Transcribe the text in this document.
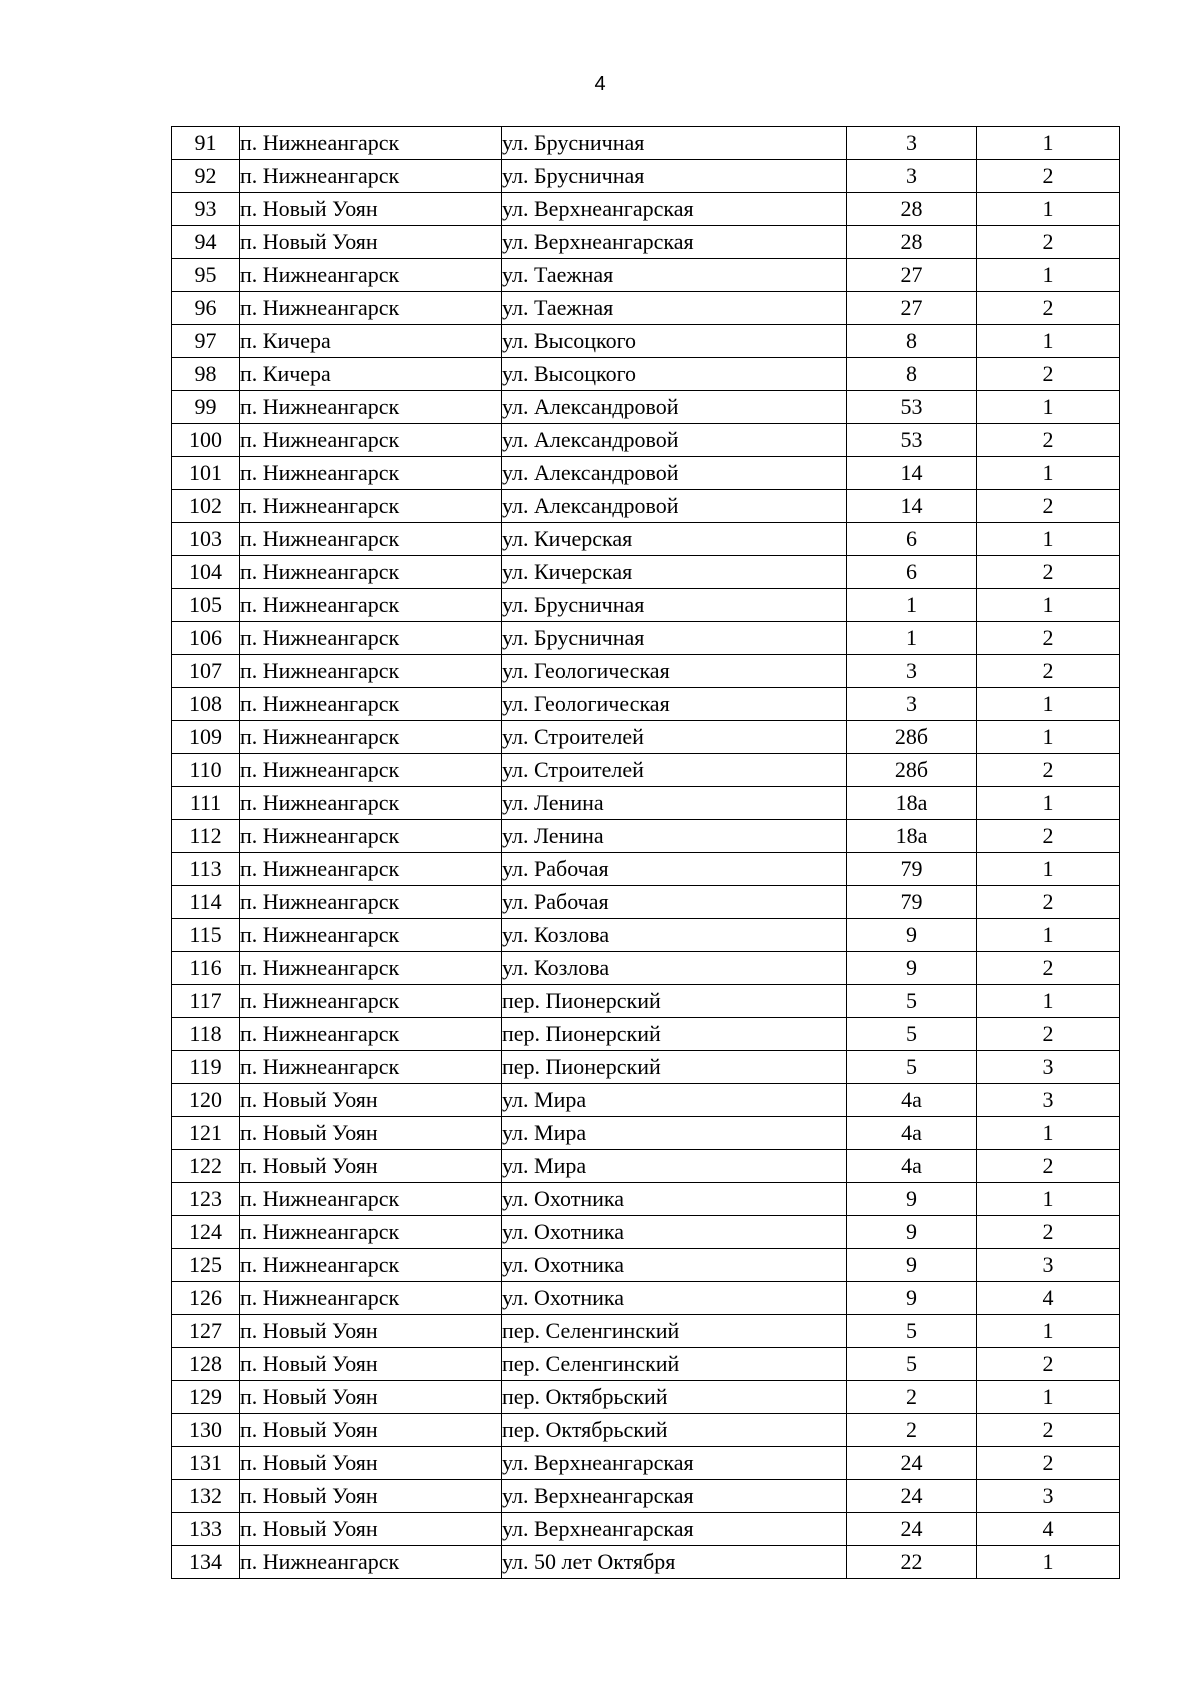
4
91	п. Нижнеангарск	ул. Брусничная	3	1
92	п. Нижнеангарск	ул. Брусничная	3	2
93	п. Новый Уоян	ул. Верхнеангарская	28	1
94	п. Новый Уоян	ул. Верхнеангарская	28	2
95	п. Нижнеангарск	ул. Таежная	27	1
96	п. Нижнеангарск	ул. Таежная	27	2
97	п. Кичера	ул. Высоцкого	8	1
98	п. Кичера	ул. Высоцкого	8	2
99	п. Нижнеангарск	ул. Александровой	53	1
100	п. Нижнеангарск	ул. Александровой	53	2
101	п. Нижнеангарск	ул. Александровой	14	1
102	п. Нижнеангарск	ул. Александровой	14	2
103	п. Нижнеангарск	ул. Кичерская	6	1
104	п. Нижнеангарск	ул. Кичерская	6	2
105	п. Нижнеангарск	ул. Брусничная	1	1
106	п. Нижнеангарск	ул. Брусничная	1	2
107	п. Нижнеангарск	ул. Геологическая	3	2
108	п. Нижнеангарск	ул. Геологическая	3	1
109	п. Нижнеангарск	ул. Строителей	28б	1
110	п. Нижнеангарск	ул. Строителей	28б	2
111	п. Нижнеангарск	ул. Ленина	18а	1
112	п. Нижнеангарск	ул. Ленина	18а	2
113	п. Нижнеангарск	ул. Рабочая	79	1
114	п. Нижнеангарск	ул. Рабочая	79	2
115	п. Нижнеангарск	ул. Козлова	9	1
116	п. Нижнеангарск	ул. Козлова	9	2
117	п. Нижнеангарск	пер. Пионерский	5	1
118	п. Нижнеангарск	пер. Пионерский	5	2
119	п. Нижнеангарск	пер. Пионерский	5	3
120	п. Новый Уоян	ул. Мира	4а	3
121	п. Новый Уоян	ул. Мира	4а	1
122	п. Новый Уоян	ул. Мира	4а	2
123	п. Нижнеангарск	ул. Охотника	9	1
124	п. Нижнеангарск	ул. Охотника	9	2
125	п. Нижнеангарск	ул. Охотника	9	3
126	п. Нижнеангарск	ул. Охотника	9	4
127	п. Новый Уоян	пер. Селенгинский	5	1
128	п. Новый Уоян	пер. Селенгинский	5	2
129	п. Новый Уоян	пер. Октябрьский	2	1
130	п. Новый Уоян	пер. Октябрьский	2	2
131	п. Новый Уоян	ул. Верхнеангарская	24	2
132	п. Новый Уоян	ул. Верхнеангарская	24	3
133	п. Новый Уоян	ул. Верхнеангарская	24	4
134	п. Нижнеангарск	ул. 50 лет Октября	22	1
